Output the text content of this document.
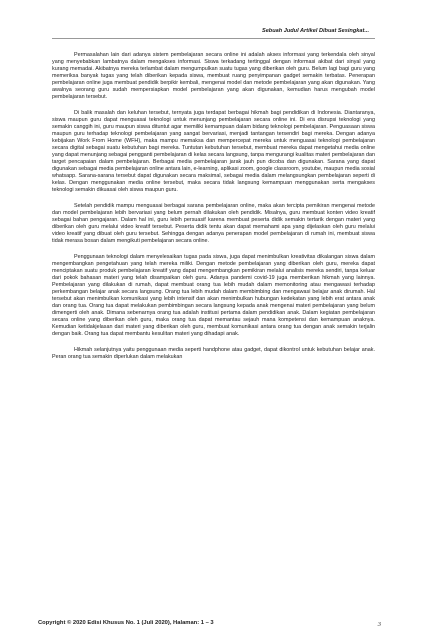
Sebuah Judul Artikel Dibuat Sesingkat...

Permasalahan lain dari adanya sistem pembelajaran secara online ini adalah akses informasi yang terkendala oleh sinyal yang menyebabkan lambatnya dalam mengakses informasi. Siswa terkadang tertinggal dengan informasi akibat dari sinyal yang kurang memadai. Akibatnya mereka terlambat dalam mengumpulkan suatu tugas yang diberikan oleh guru. Belum lagi bagi guru yang memeriksa banyak tugas yang telah diberikan kepada siswa, membuat ruang penyimpanan gadget semakin terbatas. Penerapan pembelajaran online juga membuat pendidik berpikir kembali, mengenai model dan metode pembelajaran yang akan digunakan. Yang awalnya seorang guru sudah mempersiapkan model pembelajaran yang akan digunakan, kemudian harus mengubah model pembelajaran tersebut.

Di balik masalah dan keluhan tersebut, ternyata juga terdapat berbagai hikmah bagi pendidikan di Indonesia. Diantaranya, siswa maupun guru dapat menguasai teknologi untuk menunjang pembelajaran secara online ini. Di era disrupsi teknologi yang semakin canggih ini, guru maupun siswa dituntut agar memiliki kemampuan dalam bidang teknologi pembelajaran. Penguasaan siswa maupun guru terhadap teknologi pembelajaran yang sangat bervariasi, menjadi tantangan tersendiri bagi mereka. Dengan adanya kebijakan Work From Home (WFH), maka mampu memaksa dan mempercepat mereka untuk menguasai teknologi pembelajaran secara digital sebagai suatu kebutuhan bagi mereka. Tuntutan kebutuhan tersebut, membuat mereka dapat mengetahui media online yang dapat menunjang sebagai pengganti pembelajaran di kelas secara langsung, tanpa mengurangi kualitas materi pembelajaran dan target pencapaian dalam pembelajaran. Berbagai media pembelajaran jarak jauh pun dicoba dan digunakan. Sarana yang dapat digunakan sebagai media pembelajaran online antara lain, e-learning, aplikasi zoom, google classroom, youtube, maupun media sosial whatsapp. Sarana-sarana tersebut dapat digunakan secara maksimal, sebagai media dalam melangsungkan pembelajaran seperti di kelas. Dengan menggunakan media online tersebut, maka secara tidak langsung kemampuan menggunakan serta mengakses teknologi semakin dikuasai oleh siswa maupun guru.

Setelah pendidik mampu menguasai berbagai sarana pembelajaran online, maka akan tercipta pemikiran mengenai metode dan model pembelajaran lebih bervariasi yang belum pernah dilakukan oleh pendidik. Misalnya, guru membuat konten video kreatif sebagai bahan pengajaran. Dalam hal ini, guru lebih persuasif karena membuat peserta didik semakin tertarik dengan materi yang diberikan oleh guru melalui video kreatif tersebut. Peserta didik tentu akan dapat memahami apa yang dijelaskan oleh guru melalui video kreatif yang dibuat oleh guru tersebut. Sehingga dengan adanya penerapan model pembelajaran di rumah ini, membuat siswa tidak merasa bosan dalam mengikuti pembelajaran secara online.

Penggunaan teknologi dalam menyelesaikan tugas pada siswa, juga dapat menimbulkan kreativitas dikalangan siswa dalam mengembangkan pengetahuan yang telah mereka miliki. Dengan metode pembelajaran yang diberikan oleh guru, mereka dapat menciptakan suatu produk pembelajaran kreatif yang dapat mengembangkan pemikiran melalui analisis mereka sendiri, tanpa keluar dari pokok bahasan materi yang telah disampaikan oleh guru. Adanya pandemi covid-19 juga memberikan hikmah yang lainnya. Pembelajaran yang dilakukan di rumah, dapat membuat orang tua lebih mudah dalam memonitoring atau mengawasi terhadap perkembangan belajar anak secara langsung. Orang tua lebih mudah dalam membimbing dan mengawasi belajar anak dirumah. Hal tersebut akan menimbulkan komunikasi yang lebih intensif dan akan menimbulkan hubungan kedekatan yang lebih erat antara anak dan orang tua. Orang tua dapat melakukan pembimbingan secara langsung kepada anak mengenai materi pembelajaran yang belum dimengerti oleh anak. Dimana sebenarnya orang tua adalah institusi pertama dalam pendidikan anak. Dalam kegiatan pembelajaran secara online yang diberikan oleh guru, maka orang tua dapat memantau sejauh mana kompetensi dan kemampuan anaknya. Kemudian ketidakjelasan dari materi yang diberikan oleh guru, membuat komunikasi antara orang tua dengan anak semakin terjalin dengan baik. Orang tua dapat membantu kesulitan materi yang dihadapi anak.

Hikmah selanjutnya yaitu penggunaan media seperti handphone atau gadget, dapat dikontrol untuk kebutuhan belajar anak. Peran orang tua semakin diperlukan dalam melakukan

Copyright © 2020 Edisi Khusus No. 1 (Juli 2020), Halaman: 1 – 3	3
